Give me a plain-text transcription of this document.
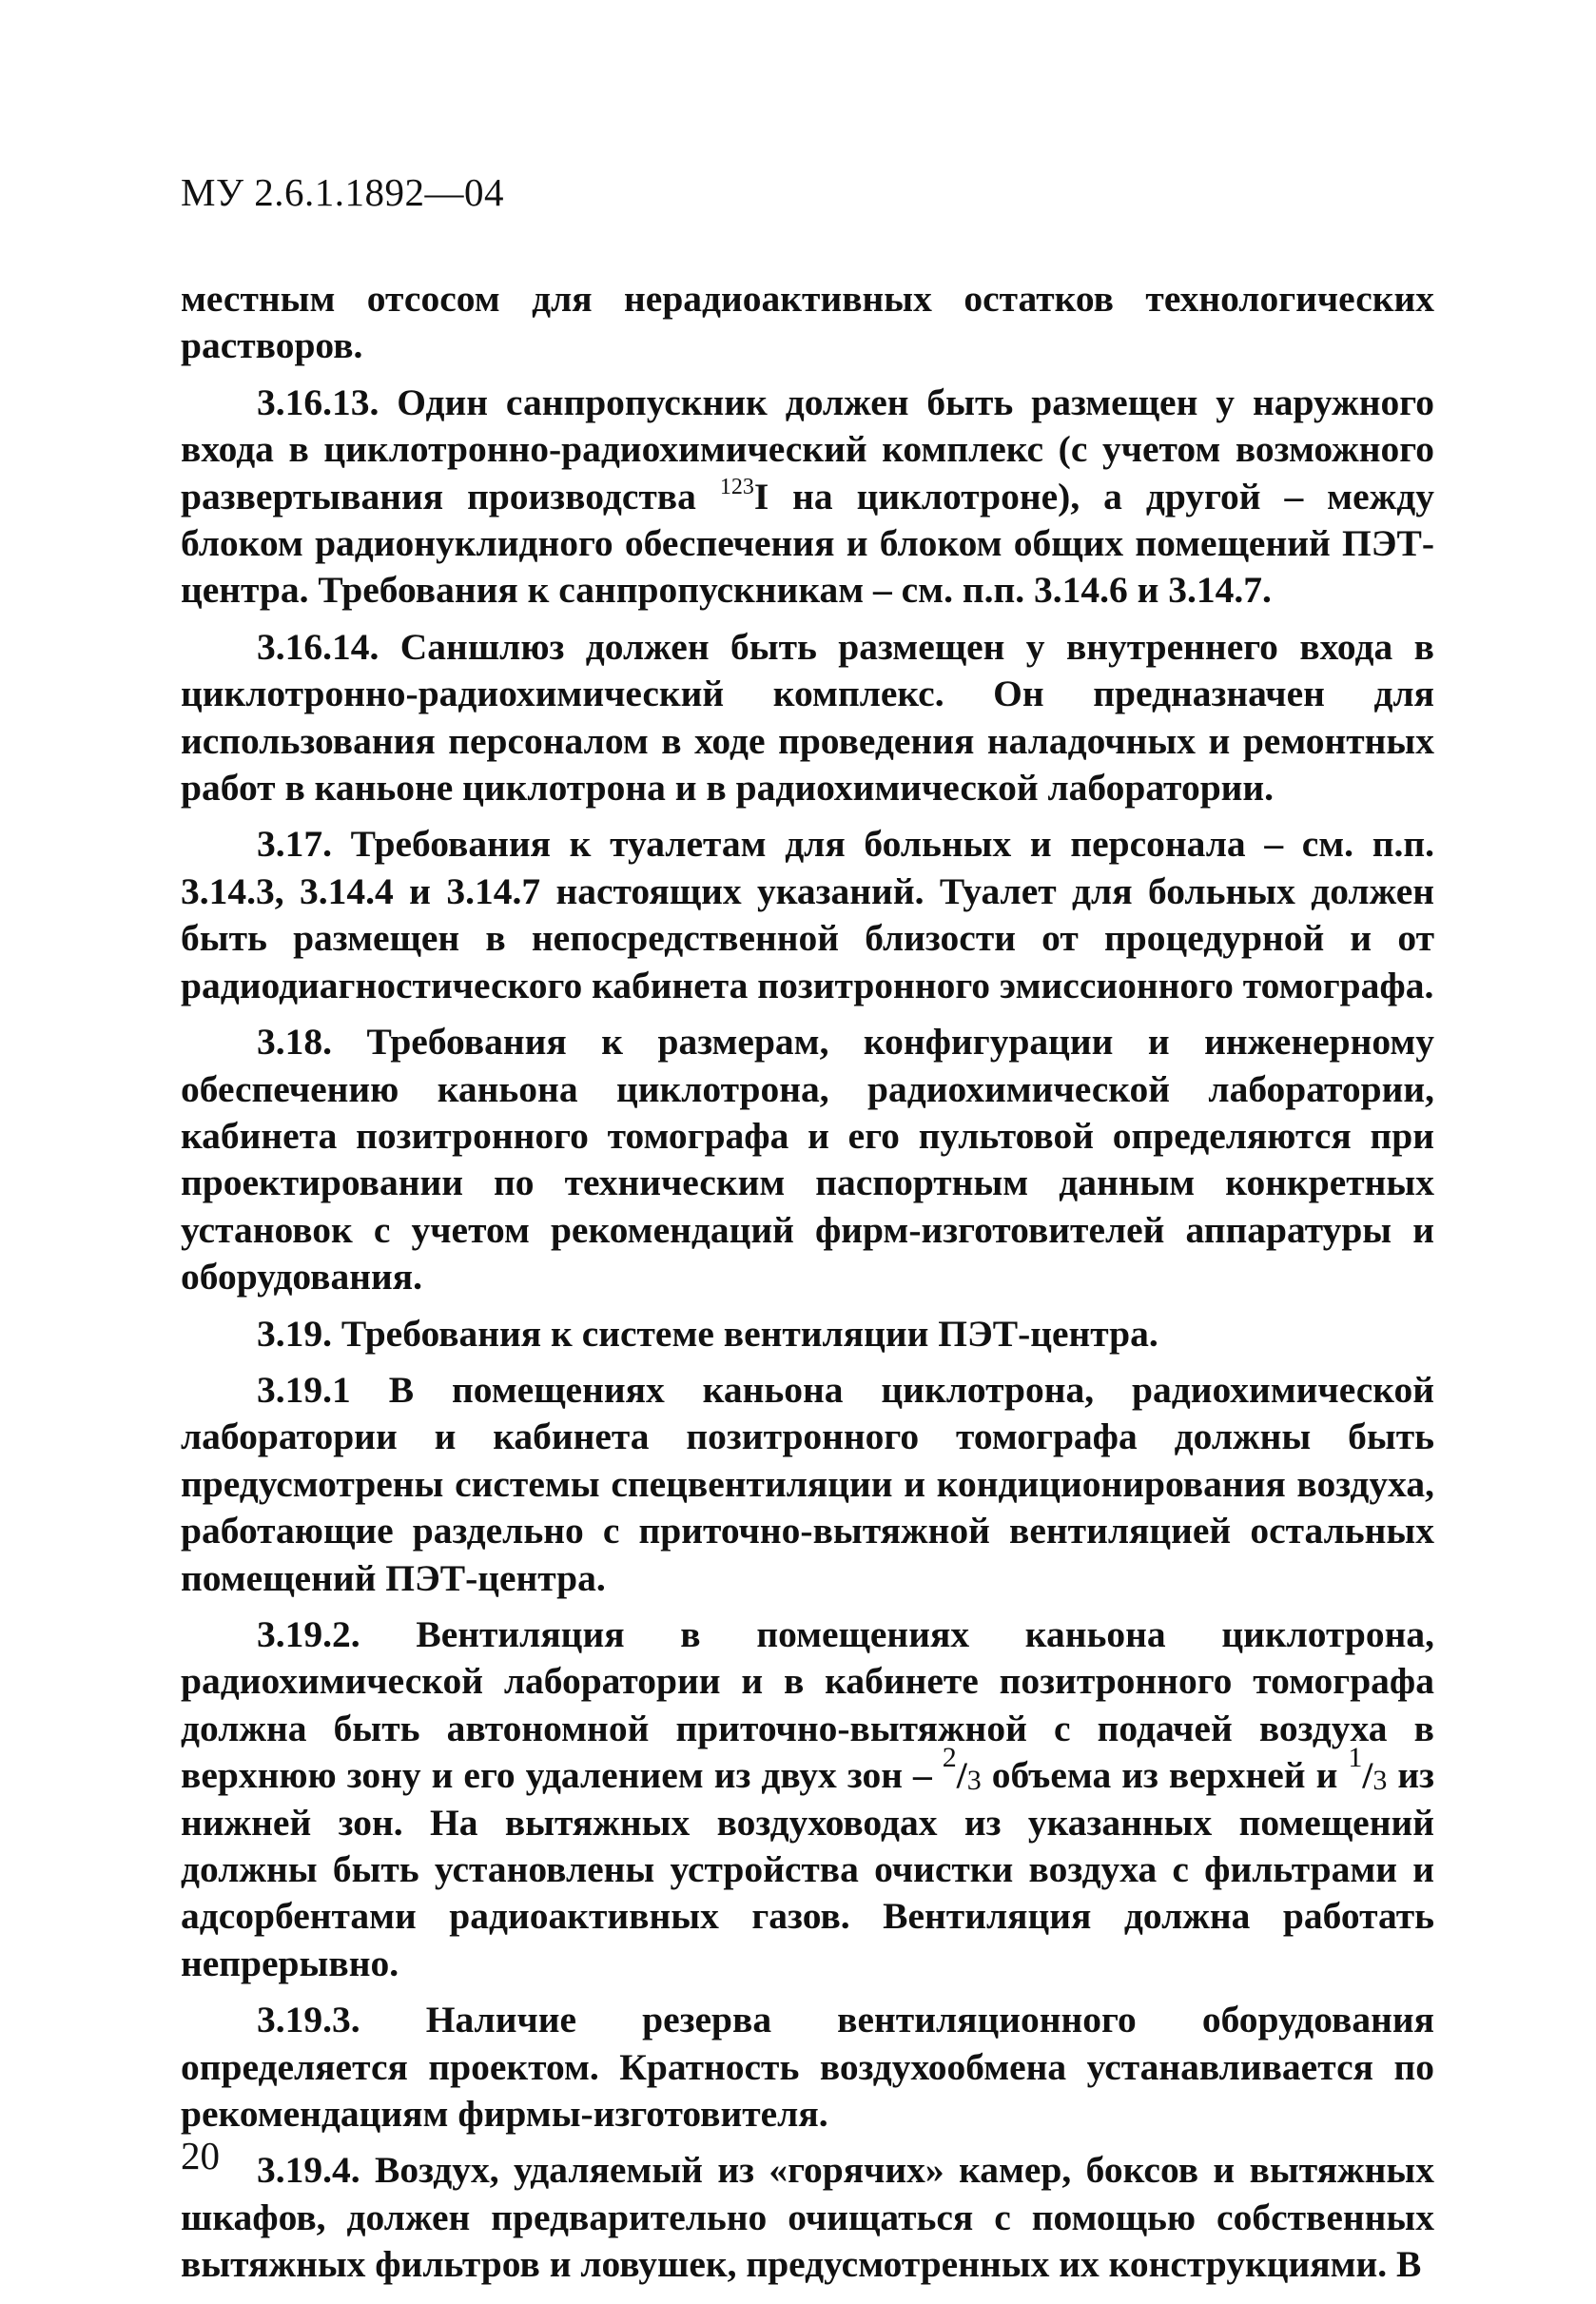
МУ 2.6.1.1892—04

местным отсосом для нерадиоактивных остатков технологических растворов.

3.16.13. Один санпропускник должен быть размещен у наружного входа в циклотронно-радиохимический комплекс (с учетом возможного развертывания производства $^{123}$I на циклотроне), а другой – между блоком радионуклидного обеспечения и блоком общих помещений ПЭТ-центра. Требования к санпропускникам – см. п.п. 3.14.6 и 3.14.7.

3.16.14. Саншлюз должен быть размещен у внутреннего входа в циклотронно-радиохимический комплекс. Он предназначен для использования персоналом в ходе проведения наладочных и ремонтных работ в каньоне циклотрона и в радиохимической лаборатории.

3.17. Требования к туалетам для больных и персонала – см. п.п. 3.14.3, 3.14.4 и 3.14.7 настоящих указаний. Туалет для больных должен быть размещен в непосредственной близости от процедурной и от радиодиагностического кабинета позитронного эмиссионного томографа.

3.18. Требования к размерам, конфигурации и инженерному обеспечению каньона циклотрона, радиохимической лаборатории, кабинета позитронного томографа и его пультовой определяются при проектировании по техническим паспортным данным конкретных установок с учетом рекомендаций фирм-изготовителей аппаратуры и оборудования.

3.19. Требования к системе вентиляции ПЭТ-центра.

3.19.1 В помещениях каньона циклотрона, радиохимической лаборатории и кабинета позитронного томографа должны быть предусмотрены системы спецвентиляции и кондиционирования воздуха, работающие раздельно с приточно-вытяжной вентиляцией остальных помещений ПЭТ-центра.

3.19.2. Вентиляция в помещениях каньона циклотрона, радиохимической лаборатории и в кабинете позитронного томографа должна быть автономной приточно-вытяжной с подачей воздуха в верхнюю зону и его удалением из двух зон – $^2/_3$ объема из верхней и $^1/_3$ из нижней зон. На вытяжных воздуховодах из указанных помещений должны быть установлены устройства очистки воздуха с фильтрами и адсорбентами радиоактивных газов. Вентиляция должна работать непрерывно.

3.19.3. Наличие резерва вентиляционного оборудования определяется проектом. Кратность воздухообмена устанавливается по рекомендациям фирмы-изготовителя.

3.19.4. Воздух, удаляемый из «горячих» камер, боксов и вытяжных шкафов, должен предварительно очищаться с помощью собственных вытяжных фильтров и ловушек, предусмотренных их конструкциями. В

20
